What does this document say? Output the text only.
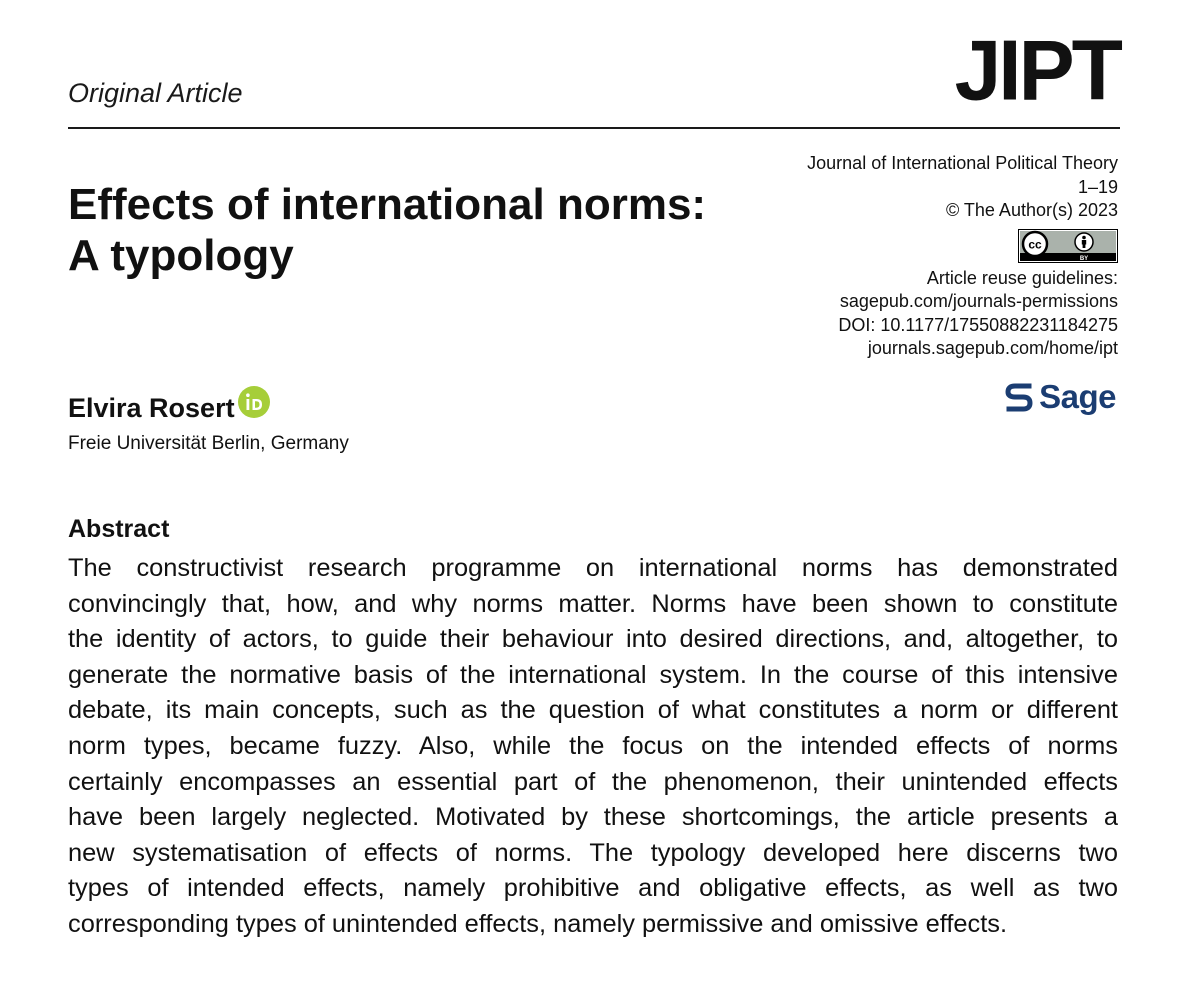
Original Article	JIPT
Effects of international norms:
A typology
Journal of International Political Theory
1–19
© The Author(s) 2023
cc
BY
Article reuse guidelines:
sagepub.com/journals-permissions
DOI: 10.1177/17550882231184275
journals.sagepub.com/home/ipt
Sage
Elvira Rosert
Freie Universität Berlin, Germany
Abstract

The constructivist research programme on international norms has demonstrated
convincingly that, how, and why norms matter. Norms have been shown to constitute
the identity of actors, to guide their behaviour into desired directions, and, altogether, to
generate the normative basis of the international system. In the course of this intensive
debate, its main concepts, such as the question of what constitutes a norm or different
norm types, became fuzzy. Also, while the focus on the intended effects of norms
certainly encompasses an essential part of the phenomenon, their unintended effects
have been largely neglected. Motivated by these shortcomings, the article presents a
new systematisation of effects of norms. The typology developed here discerns two
types of intended effects, namely prohibitive and obligative effects, as well as two
corresponding types of unintended effects, namely permissive and omissive effects.
